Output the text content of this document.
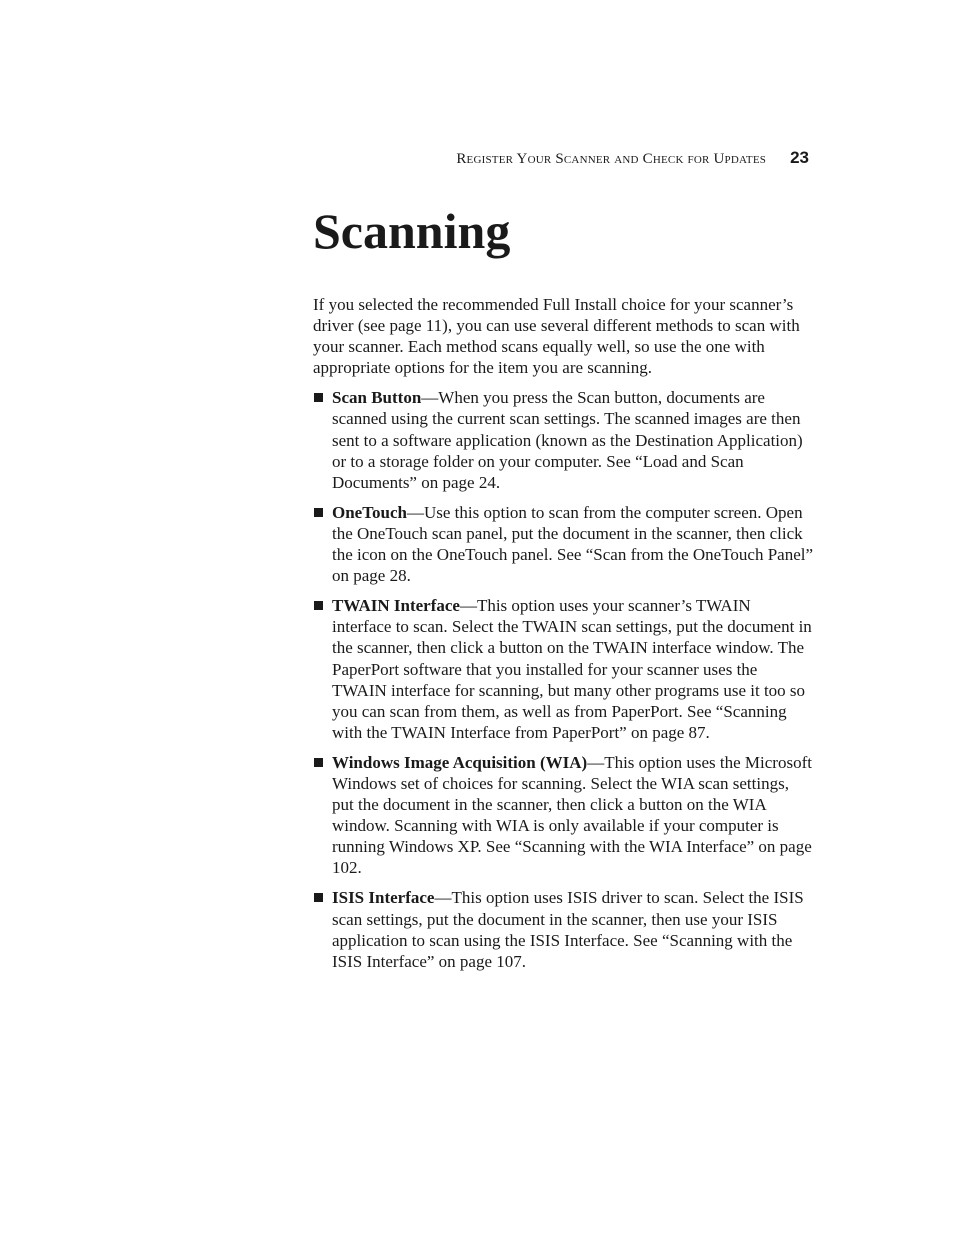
Register Your Scanner and Check for Updates 23
Scanning

If you selected the recommended Full Install choice for your scanner’s driver (see page 11), you can use several different methods to scan with your scanner. Each method scans equally well, so use the one with appropriate options for the item you are scanning.

Scan Button—When you press the Scan button, documents are scanned using the current scan settings. The scanned images are then sent to a software application (known as the Destination Application) or to a storage folder on your computer. See “Load and Scan Documents” on page 24.
OneTouch—Use this option to scan from the computer screen. Open the OneTouch scan panel, put the document in the scanner, then click the icon on the OneTouch panel. See “Scan from the OneTouch Panel” on page 28.
TWAIN Interface—This option uses your scanner’s TWAIN interface to scan. Select the TWAIN scan settings, put the document in the scanner, then click a button on the TWAIN interface window. The PaperPort software that you installed for your scanner uses the TWAIN interface for scanning, but many other programs use it too so you can scan from them, as well as from PaperPort. See “Scanning with the TWAIN Interface from PaperPort” on page 87.
Windows Image Acquisition (WIA)—This option uses the Microsoft Windows set of choices for scanning. Select the WIA scan settings, put the document in the scanner, then click a button on the WIA window. Scanning with WIA is only available if your computer is running Windows XP. See “Scanning with the WIA Interface” on page 102.
ISIS Interface—This option uses ISIS driver to scan. Select the ISIS scan settings, put the document in the scanner, then use your ISIS application to scan using the ISIS Interface. See “Scanning with the ISIS Interface” on page 107.
